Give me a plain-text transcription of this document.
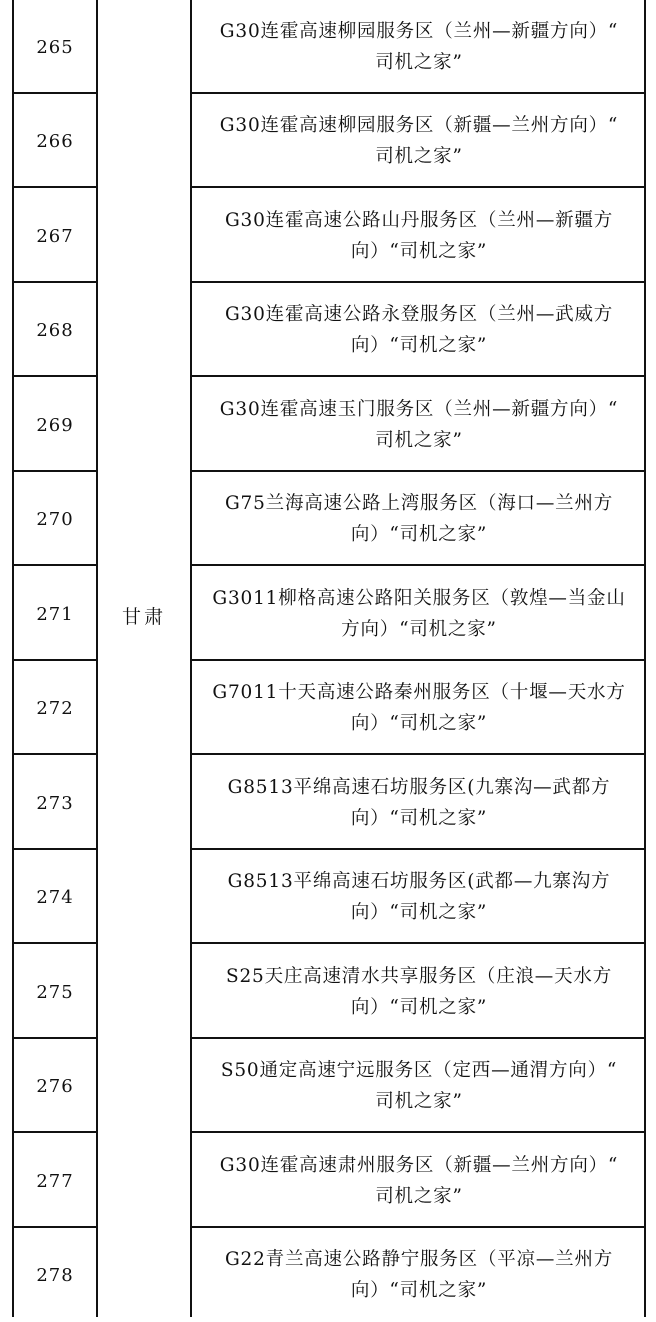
265
G30连霍高速柳园服务区（兰州—新疆方向）“
司机之家”
266
G30连霍高速柳园服务区（新疆—兰州方向）“
司机之家”
267
G30连霍高速公路山丹服务区（兰州—新疆方
向）“司机之家”
268
G30连霍高速公路永登服务区（兰州—武威方
向）“司机之家”
269
G30连霍高速玉门服务区（兰州—新疆方向）“
司机之家”
270
G75兰海高速公路上湾服务区（海口—兰州方
向）“司机之家”
271
G3011柳格高速公路阳关服务区（敦煌—当金山
方向）“司机之家”
272
G7011十天高速公路秦州服务区（十堰—天水方
向）“司机之家”
273
G8513平绵高速石坊服务区(九寨沟—武都方
向）“司机之家”
274
G8513平绵高速石坊服务区(武都—九寨沟方
向）“司机之家”
275
S25天庄高速清水共享服务区（庄浪—天水方
向）“司机之家”
276
S50通定高速宁远服务区（定西—通渭方向）“
司机之家”
277
G30连霍高速肃州服务区（新疆—兰州方向）“
司机之家”
278
G22青兰高速公路静宁服务区（平凉—兰州方
向）“司机之家”
甘肃
